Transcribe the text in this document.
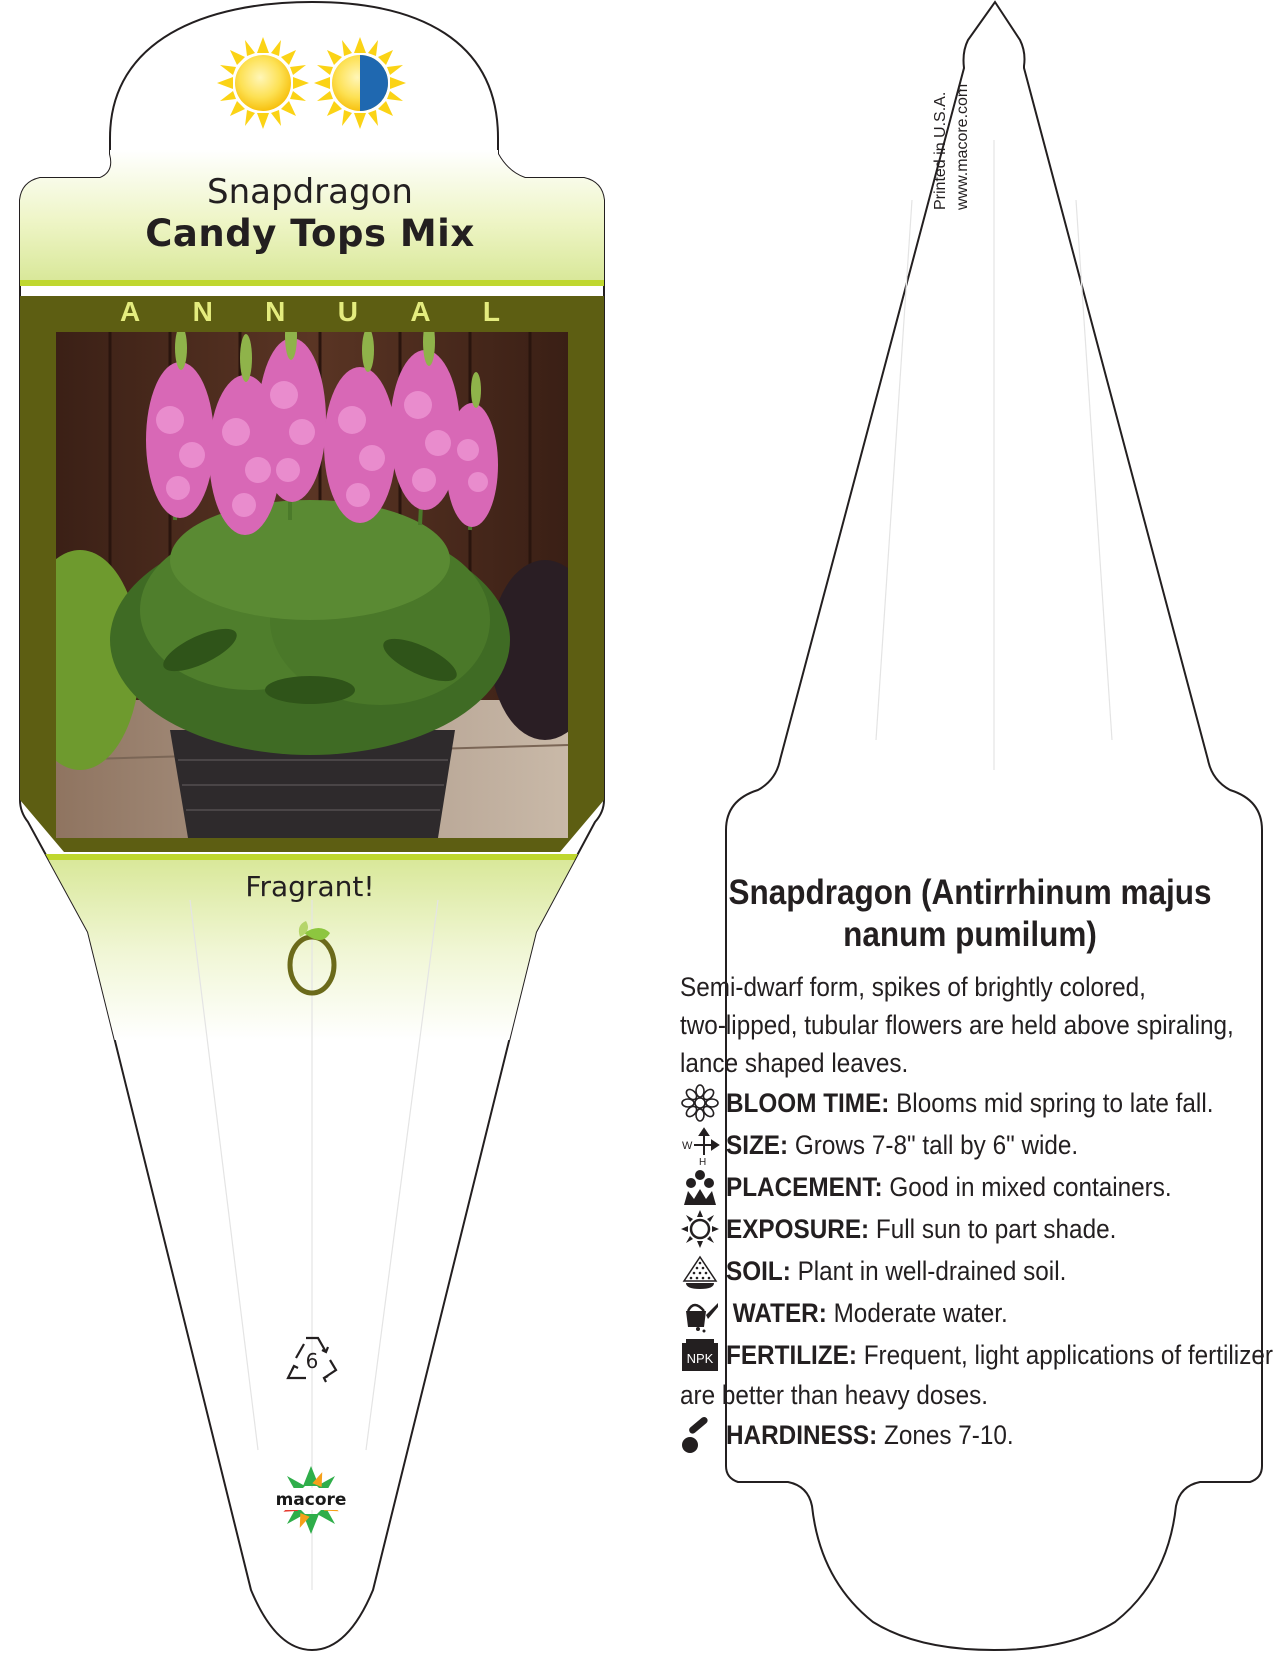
Snapdragon
Candy Tops Mix
A N N U A L
Fragrant!
6
macore
Printed in U.S.A. www.macore.com
Snapdragon (Antirrhinum majus nanum pumilum)
Semi-dwarf form, spikes of brightly colored,
two-lipped, tubular flowers are held above spiraling,
lance shaped leaves.
BLOOM TIME: Blooms mid spring to late fall.
W
H
SIZE: Grows 7-8" tall by 6" wide.
PLACEMENT: Good in mixed containers.
EXPOSURE: Full sun to part shade.
SOIL: Plant in well-drained soil.
WATER: Moderate water.
NPK FERTILIZE: Frequent, light applications of fertilizer
are better than heavy doses.
HARDINESS: Zones 7-10.
